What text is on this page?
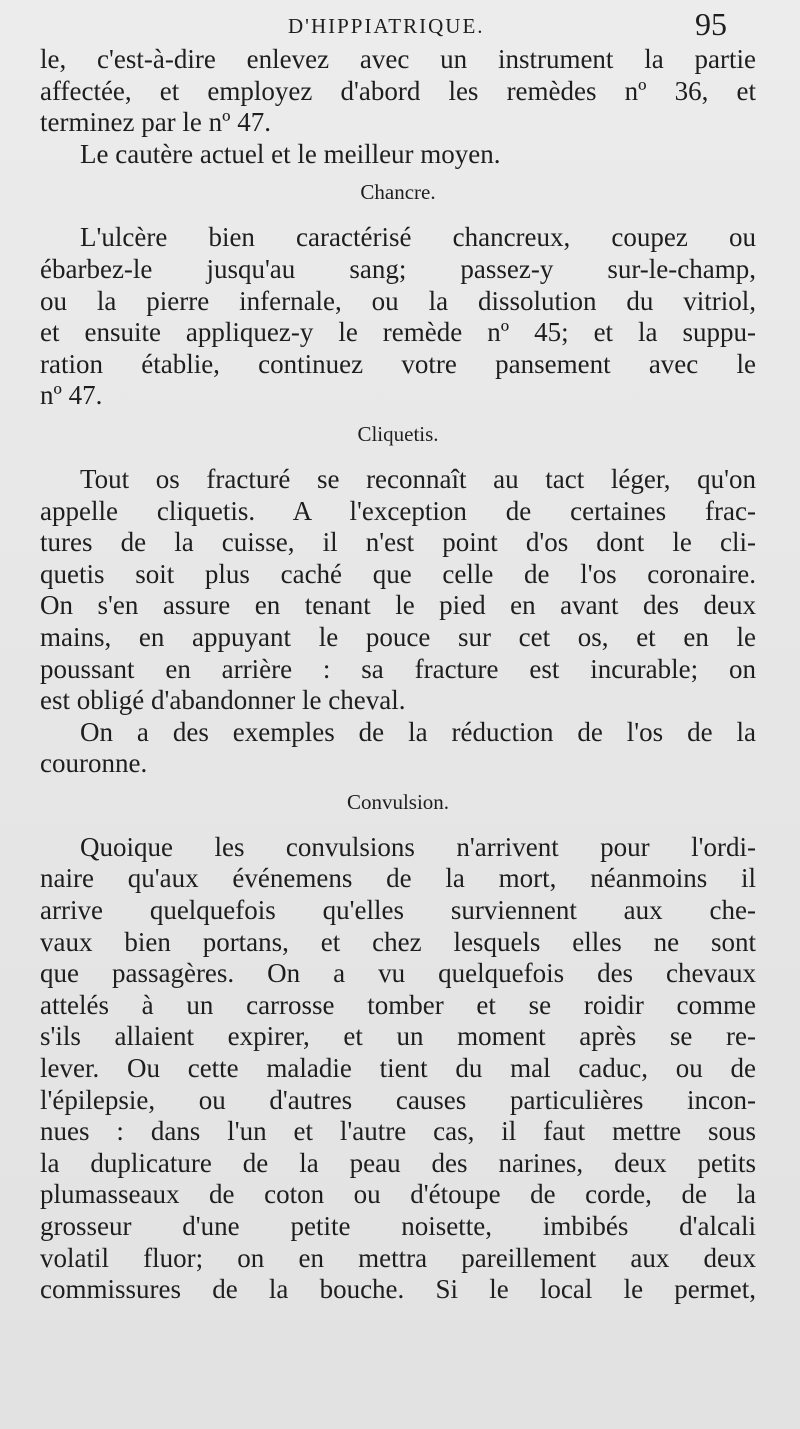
D'HIPPIATRIQUE.	95
le, c'est-à-dire enlevez avec un instrument la partie
affectée, et employez d'abord les remèdes nº 36, et
terminez par le nº 47.
Le cautère actuel et le meilleur moyen.
Chancre.
L'ulcère bien caractérisé chancreux, coupez ou
ébarbez-le jusqu'au sang; passez-y sur-le-champ,
ou la pierre infernale, ou la dissolution du vitriol,
et ensuite appliquez-y le remède nº 45; et la suppu-
ration établie, continuez votre pansement avec le
nº 47.
Cliquetis.
Tout os fracturé se reconnaît au tact léger, qu'on
appelle cliquetis. A l'exception de certaines frac-
tures de la cuisse, il n'est point d'os dont le cli-
quetis soit plus caché que celle de l'os coronaire.
On s'en assure en tenant le pied en avant des deux
mains, en appuyant le pouce sur cet os, et en le
poussant en arrière : sa fracture est incurable; on
est obligé d'abandonner le cheval.
On a des exemples de la réduction de l'os de la
couronne.
Convulsion.
Quoique les convulsions n'arrivent pour l'ordi-
naire qu'aux événemens de la mort, néanmoins il
arrive quelquefois qu'elles surviennent aux che-
vaux bien portans, et chez lesquels elles ne sont
que passagères. On a vu quelquefois des chevaux
attelés à un carrosse tomber et se roidir comme
s'ils allaient expirer, et un moment après se re-
lever. Ou cette maladie tient du mal caduc, ou de
l'épilepsie, ou d'autres causes particulières incon-
nues : dans l'un et l'autre cas, il faut mettre sous
la duplicature de la peau des narines, deux petits
plumasseaux de coton ou d'étoupe de corde, de la
grosseur d'une petite noisette, imbibés d'alcali
volatil fluor; on en mettra pareillement aux deux
commissures de la bouche. Si le local le permet,
